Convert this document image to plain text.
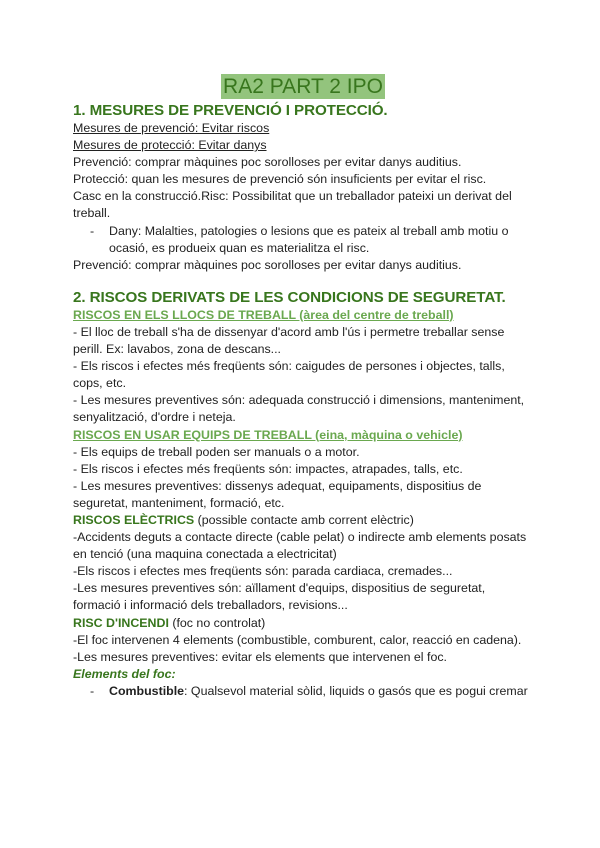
RA2 PART 2 IPO
1. MESURES DE PREVENCIÓ I PROTECCIÓ.

Mesures de prevenció: Evitar riscos

Mesures de protecció: Evitar danys

Prevenció: comprar màquines poc sorolloses per evitar danys auditius.

Protecció: quan les mesures de prevenció són insuficients per evitar el risc.

Casc en la construcció.Risc: Possibilitat que un treballador pateixi un derivat del treball.

- Dany: Malalties, patologies o lesions que es pateix al treball amb motiu o ocasió, es produeix quan es materialitza el risc.

Prevenció: comprar màquines poc sorolloses per evitar danys auditius.

2. RISCOS DERIVATS DE LES CONDICIONS DE SEGURETAT.

RISCOS EN ELS LLOCS DE TREBALL (àrea del centre de treball)

- El lloc de treball s'ha de dissenyar d'acord amb l'ús i permetre treballar sense perill. Ex: lavabos, zona de descans...

- Els riscos i efectes més freqüents són: caigudes de persones i objectes, talls, cops, etc.

- Les mesures preventives són: adequada construcció i dimensions, manteniment, senyalització, d'ordre i neteja.

RISCOS EN USAR EQUIPS DE TREBALL (eina, màquina o vehicle)

- Els equips de treball poden ser manuals o a motor.

- Els riscos i efectes més freqüents són: impactes, atrapades, talls, etc.

- Les mesures preventives: dissenys adequat, equipaments, dispositius de seguretat, manteniment, formació, etc.

RISCOS ELÈCTRICS (possible contacte amb corrent elèctric)

-Accidents deguts a contacte directe (cable pelat) o indirecte amb elements posats en tenció (una maquina conectada a electricitat)

-Els riscos i efectes mes freqüents són: parada cardiaca, cremades...

-Les mesures preventives són: aïllament d'equips, dispositius de seguretat, formació i informació dels treballadors, revisions...

RISC D'INCENDI (foc no controlat)

-El foc intervenen 4 elements (combustible, comburent, calor, reacció en cadena).

-Les mesures preventives: evitar els elements que intervenen el foc.

Elements del foc:

- Combustible: Qualsevol material sòlid, liquids o gasós que es pogui cremar
